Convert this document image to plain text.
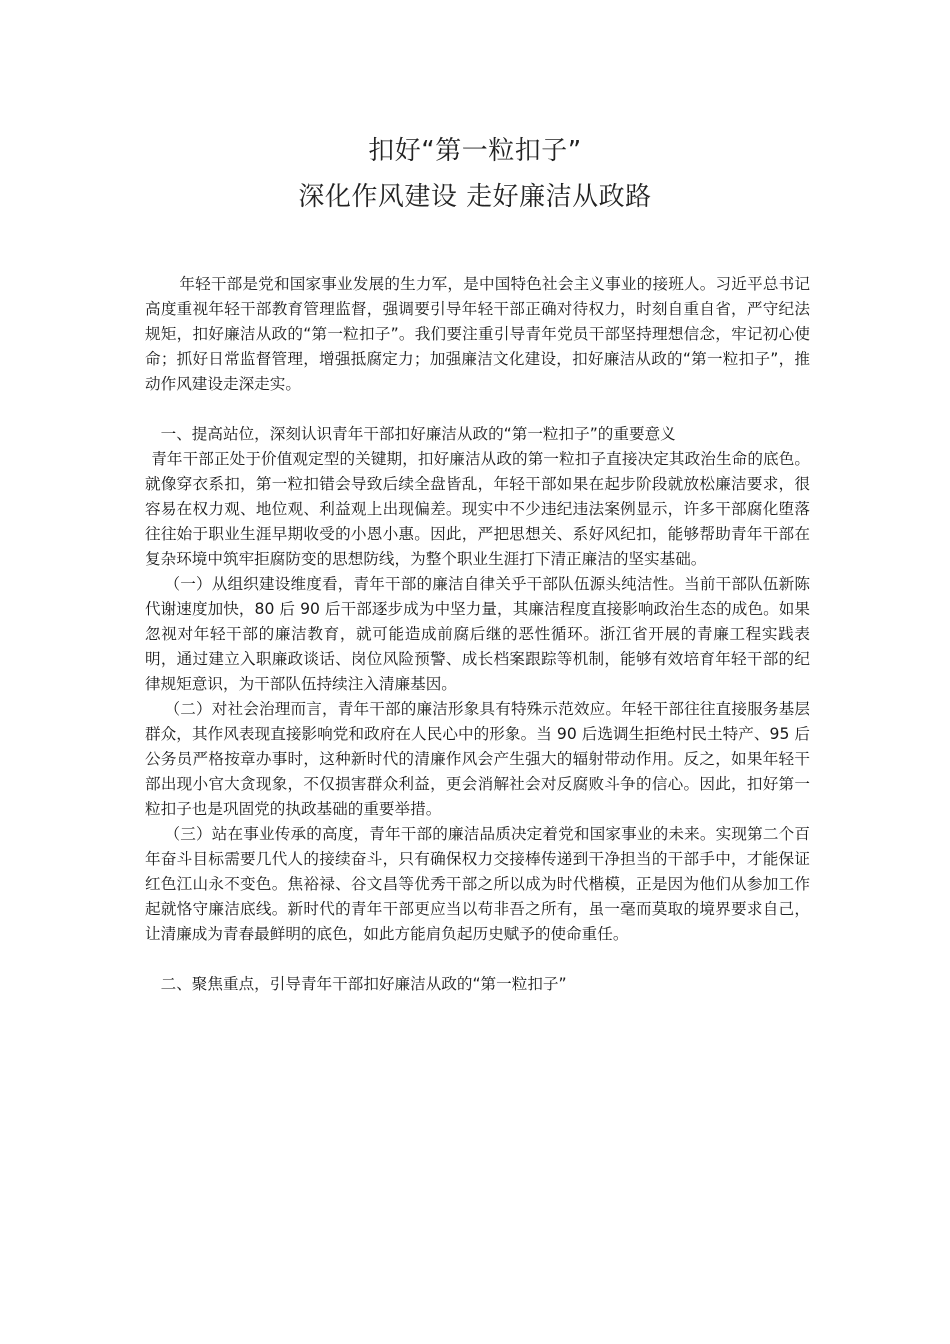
扣好“第一粒扣子”
深化作风建设 走好廉洁从政路

年轻干部是党和国家事业发展的生力军，是中国特色社会主义事业的接班人。习近平总书记高度重视年轻干部教育管理监督，强调要引导年轻干部正确对待权力，时刻自重自省，严守纪法规矩，扣好廉洁从政的“第一粒扣子”。我们要注重引导青年党员干部坚持理想信念，牢记初心使命；抓好日常监督管理，增强抵腐定力；加强廉洁文化建设，扣好廉洁从政的“第一粒扣子”，推动作风建设走深走实。

一、提高站位，深刻认识青年干部扣好廉洁从政的“第一粒扣子”的重要意义

青年干部正处于价值观定型的关键期，扣好廉洁从政的第一粒扣子直接决定其政治生命的底色。就像穿衣系扣，第一粒扣错会导致后续全盘皆乱，年轻干部如果在起步阶段就放松廉洁要求，很容易在权力观、地位观、利益观上出现偏差。现实中不少违纪违法案例显示，许多干部腐化堕落往往始于职业生涯早期收受的小恩小惠。因此，严把思想关、系好风纪扣，能够帮助青年干部在复杂环境中筑牢拒腐防变的思想防线，为整个职业生涯打下清正廉洁的坚实基础。

（一）从组织建设维度看，青年干部的廉洁自律关乎干部队伍源头纯洁性。当前干部队伍新陈代谢速度加快，80 后 90 后干部逐步成为中坚力量，其廉洁程度直接影响政治生态的成色。如果忽视对年轻干部的廉洁教育，就可能造成前腐后继的恶性循环。浙江省开展的青廉工程实践表明，通过建立入职廉政谈话、岗位风险预警、成长档案跟踪等机制，能够有效培育年轻干部的纪律规矩意识，为干部队伍持续注入清廉基因。

（二）对社会治理而言，青年干部的廉洁形象具有特殊示范效应。年轻干部往往直接服务基层群众，其作风表现直接影响党和政府在人民心中的形象。当 90 后选调生拒绝村民土特产、95 后公务员严格按章办事时，这种新时代的清廉作风会产生强大的辐射带动作用。反之，如果年轻干部出现小官大贪现象，不仅损害群众利益，更会消解社会对反腐败斗争的信心。因此，扣好第一粒扣子也是巩固党的执政基础的重要举措。

（三）站在事业传承的高度，青年干部的廉洁品质决定着党和国家事业的未来。实现第二个百年奋斗目标需要几代人的接续奋斗，只有确保权力交接棒传递到干净担当的干部手中，才能保证红色江山永不变色。焦裕禄、谷文昌等优秀干部之所以成为时代楷模，正是因为他们从参加工作起就恪守廉洁底线。新时代的青年干部更应当以苟非吾之所有，虽一毫而莫取的境界要求自己，让清廉成为青春最鲜明的底色，如此方能肩负起历史赋予的使命重任。

二、聚焦重点，引导青年干部扣好廉洁从政的“第一粒扣子”
